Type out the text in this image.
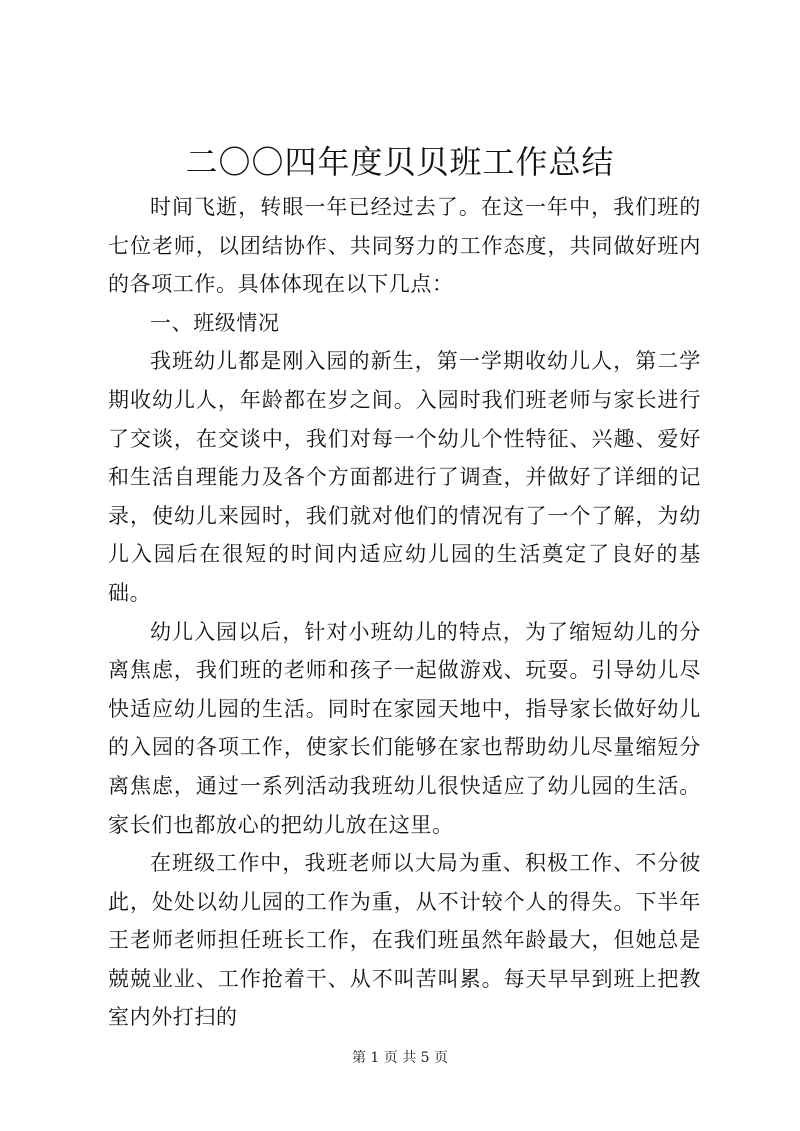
二〇〇四年度贝贝班工作总结

时间飞逝，转眼一年已经过去了。在这一年中，我们班的七位老师，以团结协作、共同努力的工作态度，共同做好班内的各项工作。具体体现在以下几点：

一、班级情况

我班幼儿都是刚入园的新生，第一学期收幼儿人，第二学期收幼儿人，年龄都在岁之间。入园时我们班老师与家长进行了交谈，在交谈中，我们对每一个幼儿个性特征、兴趣、爱好和生活自理能力及各个方面都进行了调查，并做好了详细的记录，使幼儿来园时，我们就对他们的情况有了一个了解，为幼儿入园后在很短的时间内适应幼儿园的生活奠定了良好的基础。

幼儿入园以后，针对小班幼儿的特点，为了缩短幼儿的分离焦虑，我们班的老师和孩子一起做游戏、玩耍。引导幼儿尽快适应幼儿园的生活。同时在家园天地中，指导家长做好幼儿的入园的各项工作，使家长们能够在家也帮助幼儿尽量缩短分离焦虑，通过一系列活动我班幼儿很快适应了幼儿园的生活。家长们也都放心的把幼儿放在这里。

在班级工作中，我班老师以大局为重、积极工作、不分彼此，处处以幼儿园的工作为重，从不计较个人的得失。下半年王老师老师担任班长工作，在我们班虽然年龄最大，但她总是兢兢业业、工作抢着干、从不叫苦叫累。每天早早到班上把教室内外打扫的

第 1 页 共 5 页
